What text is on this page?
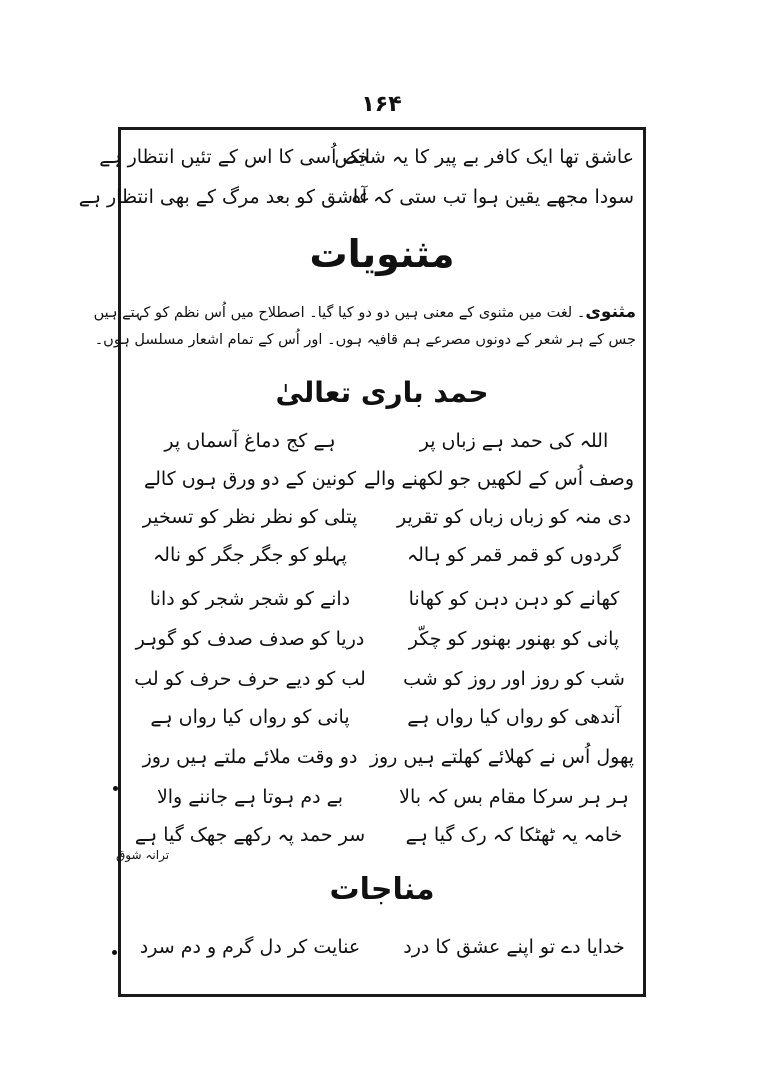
۱۶۴
عاشق تھا ایک کافر بے پیر کا یہ شخص
ایک اُسی کا اس کے تئیں انتظار ہے
سودا مجھے یقین ہوا تب ستی کہ آہ
عاشق کو بعد مرگ کے بھی انتظار ہے
مثنویات
مثنوی۔ لغت میں مثنوی کے معنی ہیں دو دو کیا گیا۔ اصطلاح میں اُس نظم کو کہتے ہیں
جس کے ہر شعر کے دونوں مصرعے ہم قافیہ ہوں۔ اور اُس کے تمام اشعار مسلسل ہوں۔
حمد باری تعالیٰ
اللہ کی حمد ہے زباں پر
ہے کج دماغ آسماں پر
وصف اُس کے لکھیں جو لکھنے والے
کونین کے دو ورق ہوں کالے
دی منہ کو زباں زباں کو تقریر
پتلی کو نظر نظر کو تسخیر
گردوں کو قمر قمر کو ہالہ
پہلو کو جگر جگر کو نالہ
کھانے کو دہن دہن کو کھانا
دانے کو شجر شجر کو دانا
پانی کو بھنور بھنور کو چکّر
دریا کو صدف صدف کو گوہر
شب کو روز اور روز کو شب
لب کو دیے حرف حرف کو لب
آندھی کو رواں کیا رواں ہے
پانی کو رواں کیا رواں ہے
پھول اُس نے کھلائے کھلتے ہیں روز
دو وقت ملائے ملتے ہیں روز
ہر ہر سرکا مقام بس کہ بالا
بے دم ہوتا ہے جاننے والا
خامہ یہ ٹھٹکا کہ رک گیا ہے
سر حمد پہ رکھے جھک گیا ہے
ترانہ شوق
مناجات
خدایا دے تو اپنے عشق کا درد
عنایت کر دل گرم و دم سرد
